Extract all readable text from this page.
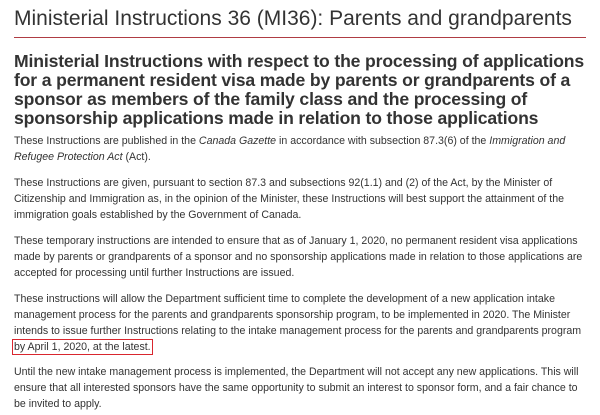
Ministerial Instructions 36 (MI36): Parents and grandparents
Ministerial Instructions with respect to the processing of applications for a permanent resident visa made by parents or grandparents of a sponsor as members of the family class and the processing of sponsorship applications made in relation to those applications

These Instructions are published in the Canada Gazette in accordance with subsection 87.3(6) of the Immigration and Refugee Protection Act (Act).

These Instructions are given, pursuant to section 87.3 and subsections 92(1.1) and (2) of the Act, by the Minister of Citizenship and Immigration as, in the opinion of the Minister, these Instructions will best support the attainment of the immigration goals established by the Government of Canada.

These temporary instructions are intended to ensure that as of January 1, 2020, no permanent resident visa applications made by parents or grandparents of a sponsor and no sponsorship applications made in relation to those applications are accepted for processing until further Instructions are issued.

These instructions will allow the Department sufficient time to complete the development of a new application intake management process for the parents and grandparents sponsorship program, to be implemented in 2020. The Minister intends to issue further Instructions relating to the intake management process for the parents and grandparents program by April 1, 2020, at the latest.

Until the new intake management process is implemented, the Department will not accept any new applications. This will ensure that all interested sponsors have the same opportunity to submit an interest to sponsor form, and a fair chance to be invited to apply.
